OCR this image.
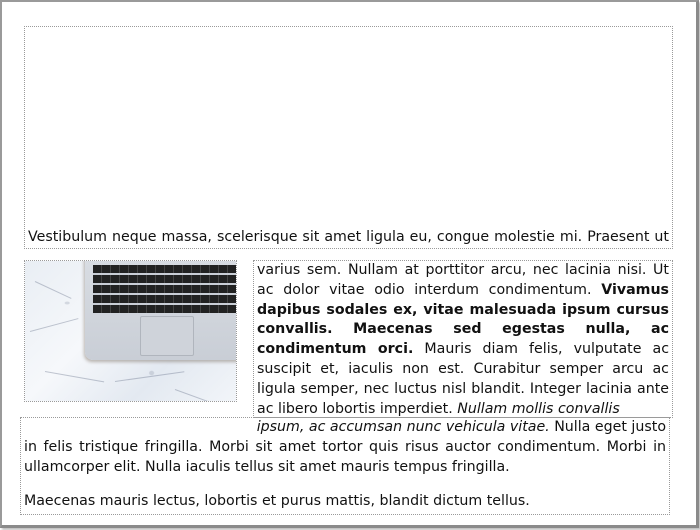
Vestibulum neque massa, scelerisque sit amet ligula eu, congue molestie mi. Praesent ut

varius sem. Nullam at porttitor arcu, nec lacinia nisi. Ut ac dolor vitae odio interdum condimentum. Vivamus dapibus sodales ex, vitae malesuada ipsum cursus convallis. Maecenas sed egestas nulla, ac condimentum orci. Mauris diam felis, vulputate ac suscipit et, iaculis non est. Curabitur semper arcu ac ligula semper, nec luctus nisl blandit. Integer lacinia ante ac libero lobortis imperdiet. Nullam mollis convallis

ipsum, ac accumsan nunc vehicula vitae. Nulla eget justo

in felis tristique fringilla. Morbi sit amet tortor quis risus auctor condimentum. Morbi in ullamcorper elit. Nulla iaculis tellus sit amet mauris tempus fringilla.

Maecenas mauris lectus, lobortis et purus mattis, blandit dictum tellus.
